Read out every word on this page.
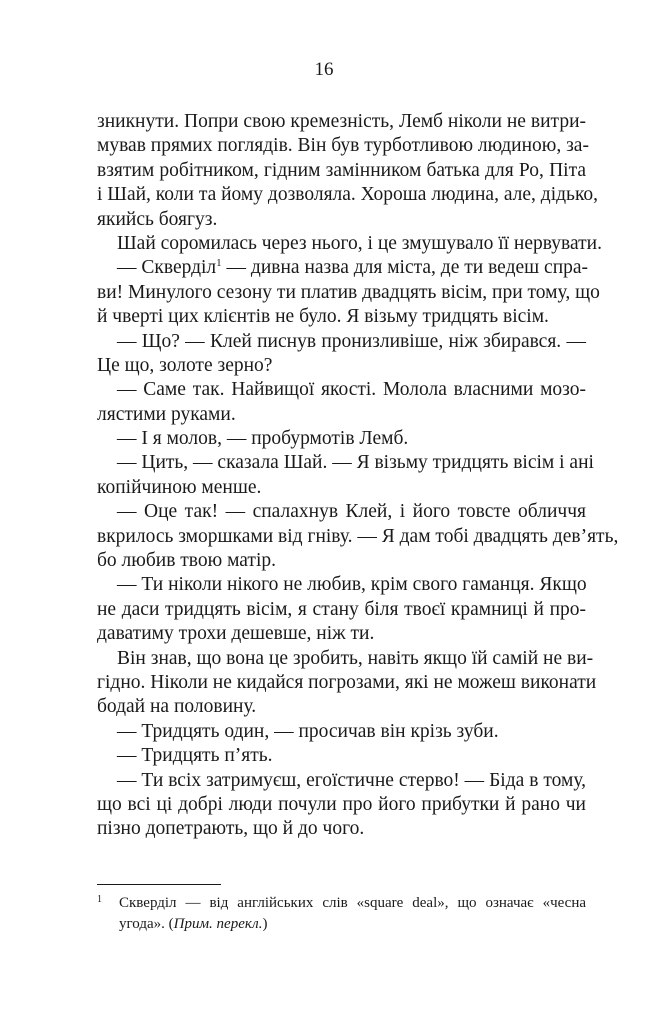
16
зникнути. Попри свою кремезність, Лемб ніколи не витри-
мував прямих поглядів. Він був турботливою людиною, за-
взятим робітником, гідним замінником батька для Ро, Піта
і Шай, коли та йому дозволяла. Хороша людина, але, дідько,
якийсь боягуз.
Шай соромилась через нього, і це змушувало її нервувати.
— Скверділ$^1$ — дивна назва для міста, де ти ведеш спра-
ви! Минулого сезону ти платив двадцять вісім, при тому, що
й чверті цих клієнтів не було. Я візьму тридцять вісім.
— Що? — Клей писнув пронизливіше, ніж збирався. —
Це що, золоте зерно?
— Саме так. Найвищої якості. Молола власними мозо-
лястими руками.
— І я молов, — пробурмотів Лемб.
— Цить, — сказала Шай. — Я візьму тридцять вісім і ані
копійчиною менше.
— Оце так! — спалахнув Клей, і його товсте обличчя
вкрилось зморшками від гніву. — Я дам тобі двадцять дев’ять,
бо любив твою матір.
— Ти ніколи нікого не любив, крім свого гаманця. Якщо
не даси тридцять вісім, я стану біля твоєї крамниці й про-
даватиму трохи дешевше, ніж ти.
Він знав, що вона це зробить, навіть якщо їй самій не ви-
гідно. Ніколи не кидайся погрозами, які не можеш виконати
бодай на половину.
— Тридцять один, — просичав він крізь зуби.
— Тридцять п’ять.
— Ти всіх затримуєш, егоїстичне стерво! — Біда в тому,
що всі ці добрі люди почули про його прибутки й рано чи
пізно допетрають, що й до чого.
1	Скверділ — від англійських слів «square deal», що означає «чесна
угода». (Прим. перекл.)
